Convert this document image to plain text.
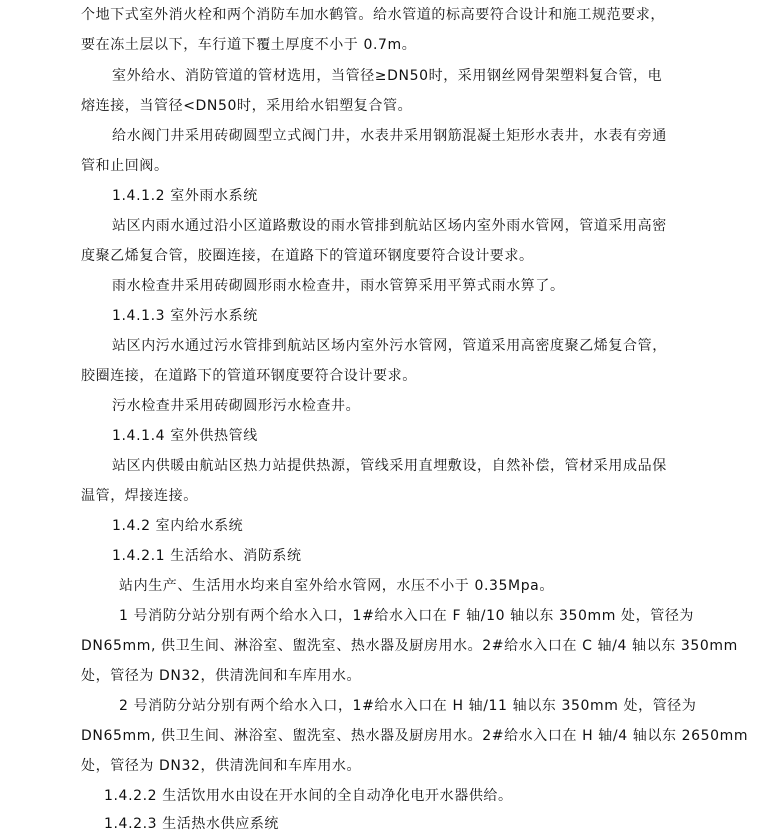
个地下式室外消火栓和两个消防车加水鹤管。给水管道的标高要符合设计和施工规范要求，
要在冻土层以下，车行道下覆土厚度不小于 0.7m。
室外给水、消防管道的管材选用，当管径≥DN50时，采用钢丝网骨架塑料复合管，电
熔连接，当管径<DN50时，采用给水铝塑复合管。
给水阀门井采用砖砌圆型立式阀门井，水表井采用钢筋混凝土矩形水表井，水表有旁通
管和止回阀。
1.4.1.2 室外雨水系统
站区内雨水通过沿小区道路敷设的雨水管排到航站区场内室外雨水管网，管道采用高密
度聚乙烯复合管，胶圈连接，在道路下的管道环钢度要符合设计要求。
雨水检查井采用砖砌圆形雨水检查井，雨水管箅采用平箅式雨水箅了。
1.4.1.3 室外污水系统
站区内污水通过污水管排到航站区场内室外污水管网，管道采用高密度聚乙烯复合管，
胶圈连接，在道路下的管道环钢度要符合设计要求。
污水检查井采用砖砌圆形污水检查井。
1.4.1.4 室外供热管线
站区内供暖由航站区热力站提供热源，管线采用直埋敷设，自然补偿，管材采用成品保
温管，焊接连接。
1.4.2 室内给水系统
1.4.2.1 生活给水、消防系统
站内生产、生活用水均来自室外给水管网，水压不小于 0.35Mpa。
1 号消防分站分别有两个给水入口，1#给水入口在 F 轴/10 轴以东 350mm 处，管径为
DN65mm, 供卫生间、淋浴室、盥洗室、热水器及厨房用水。2#给水入口在 C 轴/4 轴以东 350mm
处，管径为 DN32，供清洗间和车库用水。
2 号消防分站分别有两个给水入口，1#给水入口在 H 轴/11 轴以东 350mm 处，管径为
DN65mm, 供卫生间、淋浴室、盥洗室、热水器及厨房用水。2#给水入口在 H 轴/4 轴以东 2650mm
处，管径为 DN32，供清洗间和车库用水。
1.4.2.2 生活饮用水由设在开水间的全自动净化电开水器供给。
1.4.2.3 生活热水供应系统
